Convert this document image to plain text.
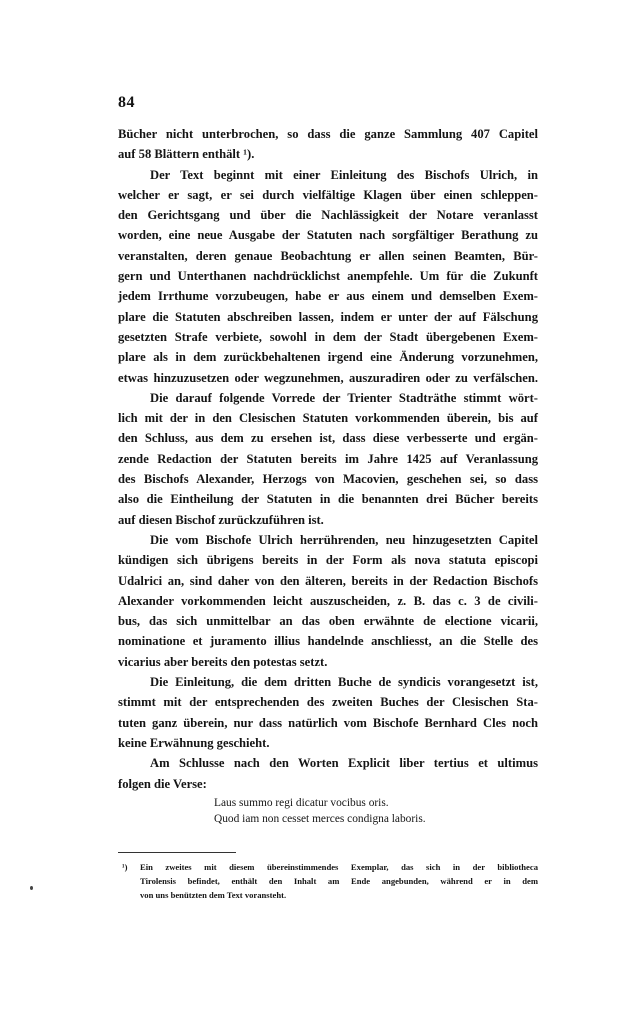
84
Bücher nicht unterbrochen, so dass die ganze Sammlung 407 Capitel
auf 58 Blättern enthält ¹).
Der Text beginnt mit einer Einleitung des Bischofs Ulrich, in
welcher er sagt, er sei durch vielfältige Klagen über einen schleppen-
den Gerichtsgang und über die Nachlässigkeit der Notare veranlasst
worden, eine neue Ausgabe der Statuten nach sorgfältiger Berathung zu
veranstalten, deren genaue Beobachtung er allen seinen Beamten, Bür-
gern und Unterthanen nachdrücklichst anempfehle. Um für die Zukunft
jedem Irrthume vorzubeugen, habe er aus einem und demselben Exem-
plare die Statuten abschreiben lassen, indem er unter der auf Fälschung
gesetzten Strafe verbiete, sowohl in dem der Stadt übergebenen Exem-
plare als in dem zurückbehaltenen irgend eine Änderung vorzunehmen,
etwas hinzuzusetzen oder wegzunehmen, auszuradiren oder zu verfälschen.
Die darauf folgende Vorrede der Trienter Stadträthe stimmt wört-
lich mit der in den Clesischen Statuten vorkommenden überein, bis auf
den Schluss, aus dem zu ersehen ist, dass diese verbesserte und ergän-
zende Redaction der Statuten bereits im Jahre 1425 auf Veranlassung
des Bischofs Alexander, Herzogs von Macovien, geschehen sei, so dass
also die Eintheilung der Statuten in die benannten drei Bücher bereits
auf diesen Bischof zurückzuführen ist.
Die vom Bischofe Ulrich herrührenden, neu hinzugesetzten Capitel
kündigen sich übrigens bereits in der Form als nova statuta episcopi
Udalrici an, sind daher von den älteren, bereits in der Redaction Bischofs
Alexander vorkommenden leicht auszuscheiden, z. B. das c. 3 de civili-
bus, das sich unmittelbar an das oben erwähnte de electione vicarii,
nominatione et juramento illius handelnde anschliesst, an die Stelle des
vicarius aber bereits den potestas setzt.
Die Einleitung, die dem dritten Buche de syndicis vorangesetzt ist,
stimmt mit der entsprechenden des zweiten Buches der Clesischen Sta-
tuten ganz überein, nur dass natürlich vom Bischofe Bernhard Cles noch
keine Erwähnung geschieht.
Am Schlusse nach den Worten Explicit liber tertius et ultimus
folgen die Verse:
Laus summo regi dicatur vocibus oris.
Quod iam non cesset merces condigna laboris.
¹) Ein zweites mit diesem übereinstimmendes Exemplar, das sich in der bibliotheca
Tirolensis befindet, enthält den Inhalt am Ende angebunden, während er in dem
von uns benützten dem Text voransteht.
